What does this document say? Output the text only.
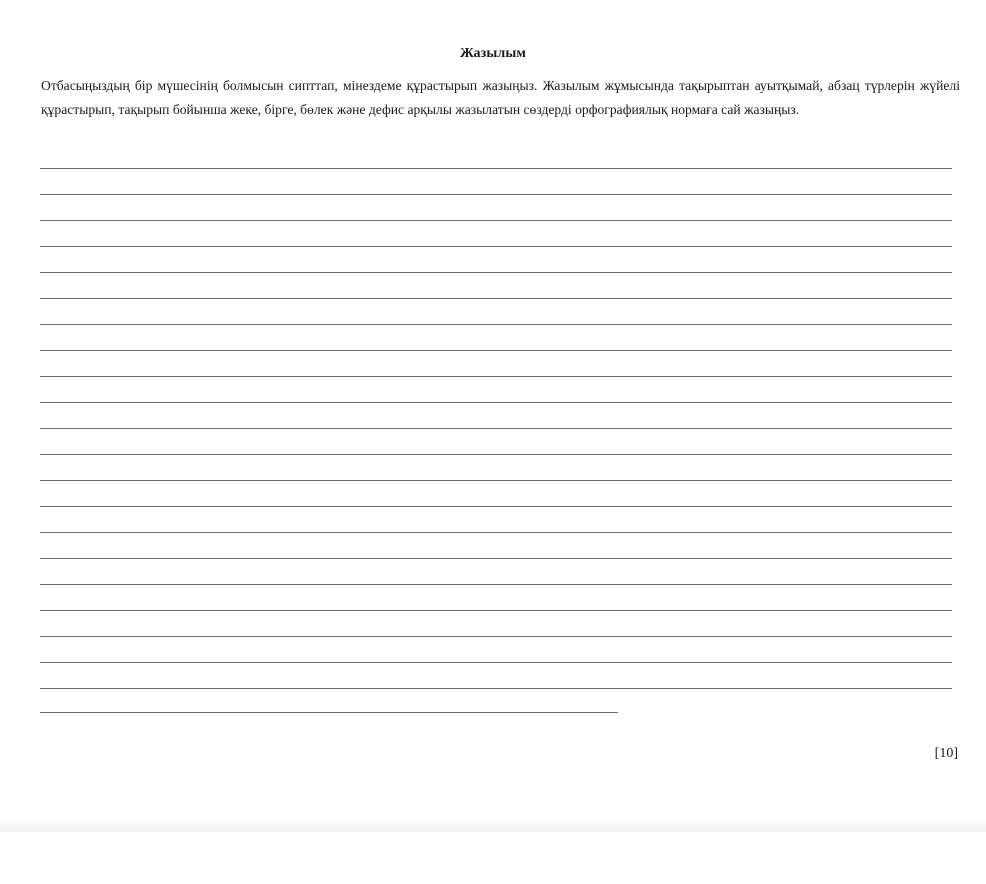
Жазылым
Отбасыңыздың бір мүшесінің болмысын сипттап, мінездеме құрастырып жазыңыз. Жазылым жұмысында тақырыптан ауытқымай, абзац түрлерін жүйелі құрастырып, тақырып бойынша жеке, бірге, бөлек және дефис арқылы жазылатын сөздерді орфографиялық нормаға сай жазыңыз.
[10]
